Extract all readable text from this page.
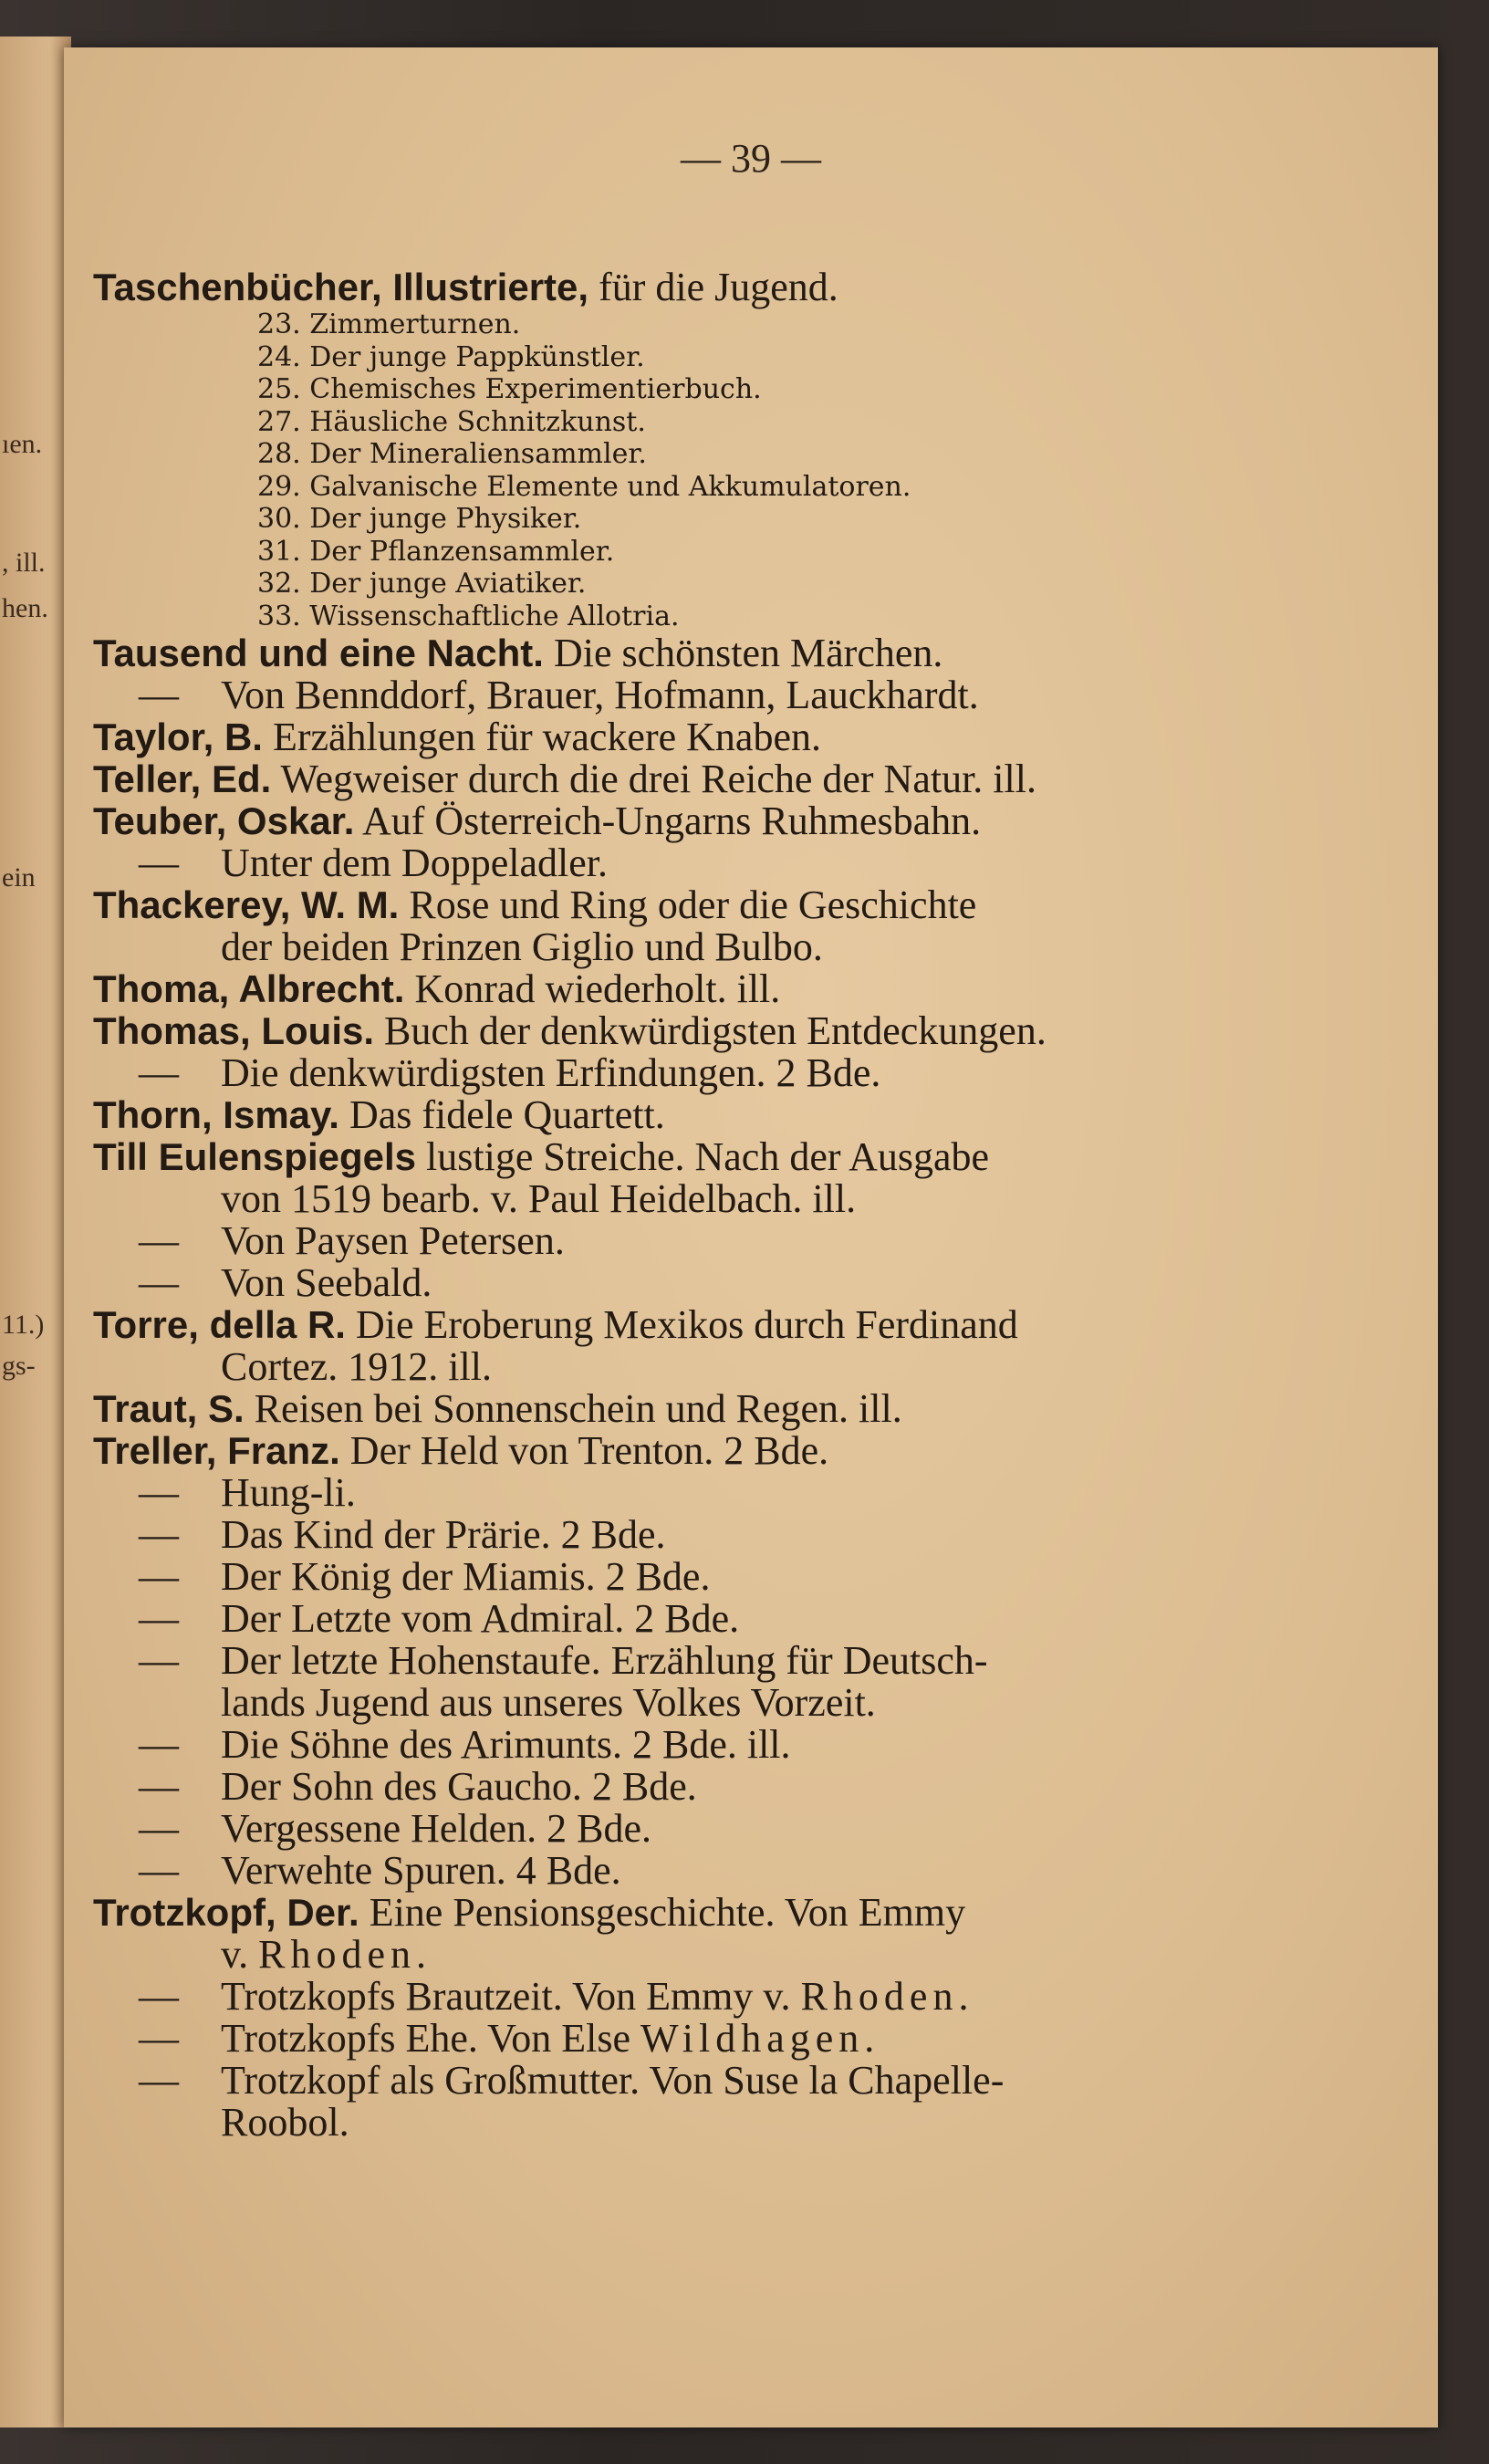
ıen.
, ill.
hen.
ein
11.)
gs-
— 39 —
Taschenbücher, Illustrierte, für die Jugend.
23. Zimmerturnen.
24. Der junge Pappkünstler.
25. Chemisches Experimentierbuch.
27. Häusliche Schnitzkunst.
28. Der Mineraliensammler.
29. Galvanische Elemente und Akkumulatoren.
30. Der junge Physiker.
31. Der Pflanzensammler.
32. Der junge Aviatiker.
33. Wissenschaftliche Allotria.
Tausend und eine Nacht. Die schönsten Märchen.
— Von Bennddorf, Brauer, Hofmann, Lauckhardt.
Taylor, B. Erzählungen für wackere Knaben.
Teller, Ed. Wegweiser durch die drei Reiche der Natur. ill.
Teuber, Oskar. Auf Österreich-Ungarns Ruhmesbahn.
— Unter dem Doppeladler.
Thackerey, W. M. Rose und Ring oder die Geschichte
der beiden Prinzen Giglio und Bulbo.
Thoma, Albrecht. Konrad wiederholt. ill.
Thomas, Louis. Buch der denkwürdigsten Entdeckungen.
— Die denkwürdigsten Erfindungen. 2 Bde.
Thorn, Ismay. Das fidele Quartett.
Till Eulenspiegels lustige Streiche. Nach der Ausgabe
von 1519 bearb. v. Paul Heidelbach. ill.
— Von Paysen Petersen.
— Von Seebald.
Torre, della R. Die Eroberung Mexikos durch Ferdinand
Cortez. 1912. ill.
Traut, S. Reisen bei Sonnenschein und Regen. ill.
Treller, Franz. Der Held von Trenton. 2 Bde.
— Hung-li.
— Das Kind der Prärie. 2 Bde.
— Der König der Miamis. 2 Bde.
— Der Letzte vom Admiral. 2 Bde.
— Der letzte Hohenstaufe. Erzählung für Deutsch-
lands Jugend aus unseres Volkes Vorzeit.
— Die Söhne des Arimunts. 2 Bde. ill.
— Der Sohn des Gaucho. 2 Bde.
— Vergessene Helden. 2 Bde.
— Verwehte Spuren. 4 Bde.
Trotzkopf, Der. Eine Pensionsgeschichte. Von Emmy
v. Rhoden.
— Trotzkopfs Brautzeit. Von Emmy v. Rhoden.
— Trotzkopfs Ehe. Von Else Wildhagen.
— Trotzkopf als Großmutter. Von Suse la Chapelle-
Roobol.
